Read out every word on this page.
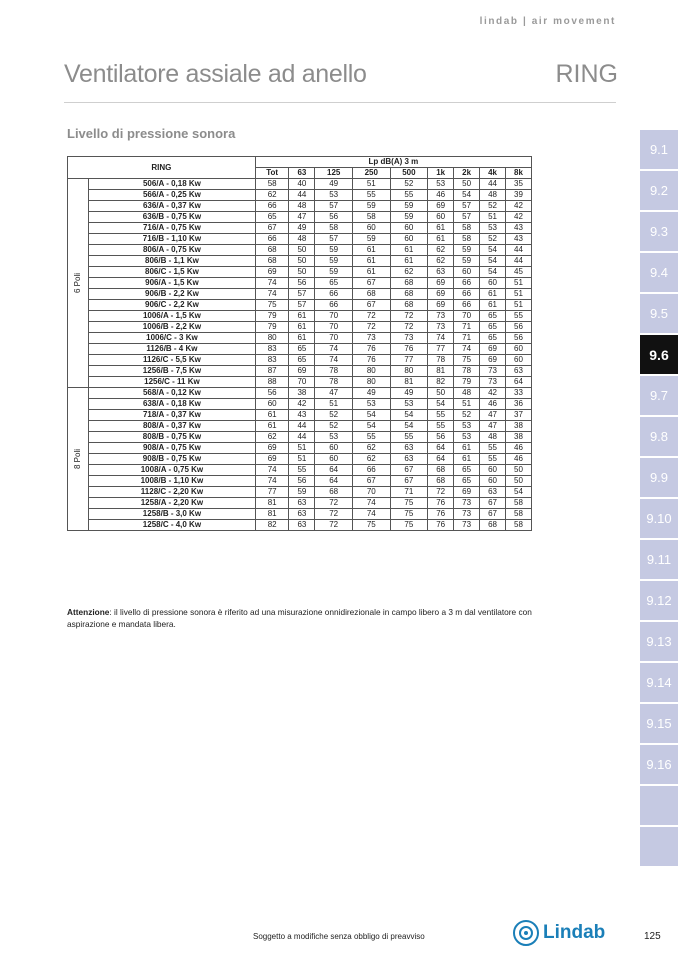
lindab | air movement
Ventilatore assiale ad anello	RING
Livello di pressione sonora
9.1
9.2
9.3
9.4
9.5
9.6
9.7
9.8
9.9
9.10
9.11
9.12
9.13
9.14
9.15
9.16
RING		Lp dB(A) 3 m								
		Tot	63	125	250	500	1k	2k	4k	8k

6 Poli	506/A - 0,18 Kw	58	40	49	51	52	53	50	44	35
	566/A - 0,25 Kw	62	44	53	55	55	46	54	48	39
	636/A - 0,37 Kw	66	48	57	59	59	69	57	52	42
	636/B - 0,75 Kw	65	47	56	58	59	60	57	51	42
	716/A - 0,75 Kw	67	49	58	60	60	61	58	53	43
	716/B - 1,10 Kw	66	48	57	59	60	61	58	52	43
	806/A - 0,75 Kw	68	50	59	61	61	62	59	54	44
	806/B - 1,1 Kw	68	50	59	61	61	62	59	54	44
	806/C - 1,5 Kw	69	50	59	61	62	63	60	54	45
	906/A - 1,5 Kw	74	56	65	67	68	69	66	60	51
	906/B - 2,2 Kw	74	57	66	68	68	69	66	61	51
	906/C - 2,2 Kw	75	57	66	67	68	69	66	61	51
	1006/A - 1,5 Kw	79	61	70	72	72	73	70	65	55
	1006/B - 2,2 Kw	79	61	70	72	72	73	71	65	56
	1006/C - 3 Kw	80	61	70	73	73	74	71	65	56
	1126/B - 4 Kw	83	65	74	76	76	77	74	69	60
	1126/C - 5,5 Kw	83	65	74	76	77	78	75	69	60
	1256/B - 7,5 Kw	87	69	78	80	80	81	78	73	63
	1256/C - 11 Kw	88	70	78	80	81	82	79	73	64

8 Poli	568/A - 0,12 Kw	56	38	47	49	49	50	48	42	33
	638/A - 0,18 Kw	60	42	51	53	53	54	51	46	36
	718/A - 0,37 Kw	61	43	52	54	54	55	52	47	37
	808/A - 0,37 Kw	61	44	52	54	54	55	53	47	38
	808/B - 0,75 Kw	62	44	53	55	55	56	53	48	38
	908/A - 0,75 Kw	69	51	60	62	63	64	61	55	46
	908/B - 0,75 Kw	69	51	60	62	63	64	61	55	46
	1008/A - 0,75 Kw	74	55	64	66	67	68	65	60	50
	1008/B - 1,10 Kw	74	56	64	67	67	68	65	60	50
	1128/C - 2,20 Kw	77	59	68	70	71	72	69	63	54
	1258/A - 2,20 Kw	81	63	72	74	75	76	73	67	58
	1258/B - 3,0 Kw	81	63	72	74	75	76	73	67	58
	1258/C - 4,0 Kw	82	63	72	75	75	76	73	68	58
Attenzione: il livello di pressione sonora è riferito ad una misurazione onnidirezionale in campo libero a 3 m dal ventilatore con aspirazione e mandata libera.
Soggetto a modifiche senza obbligo di preavviso	Lindab	125
